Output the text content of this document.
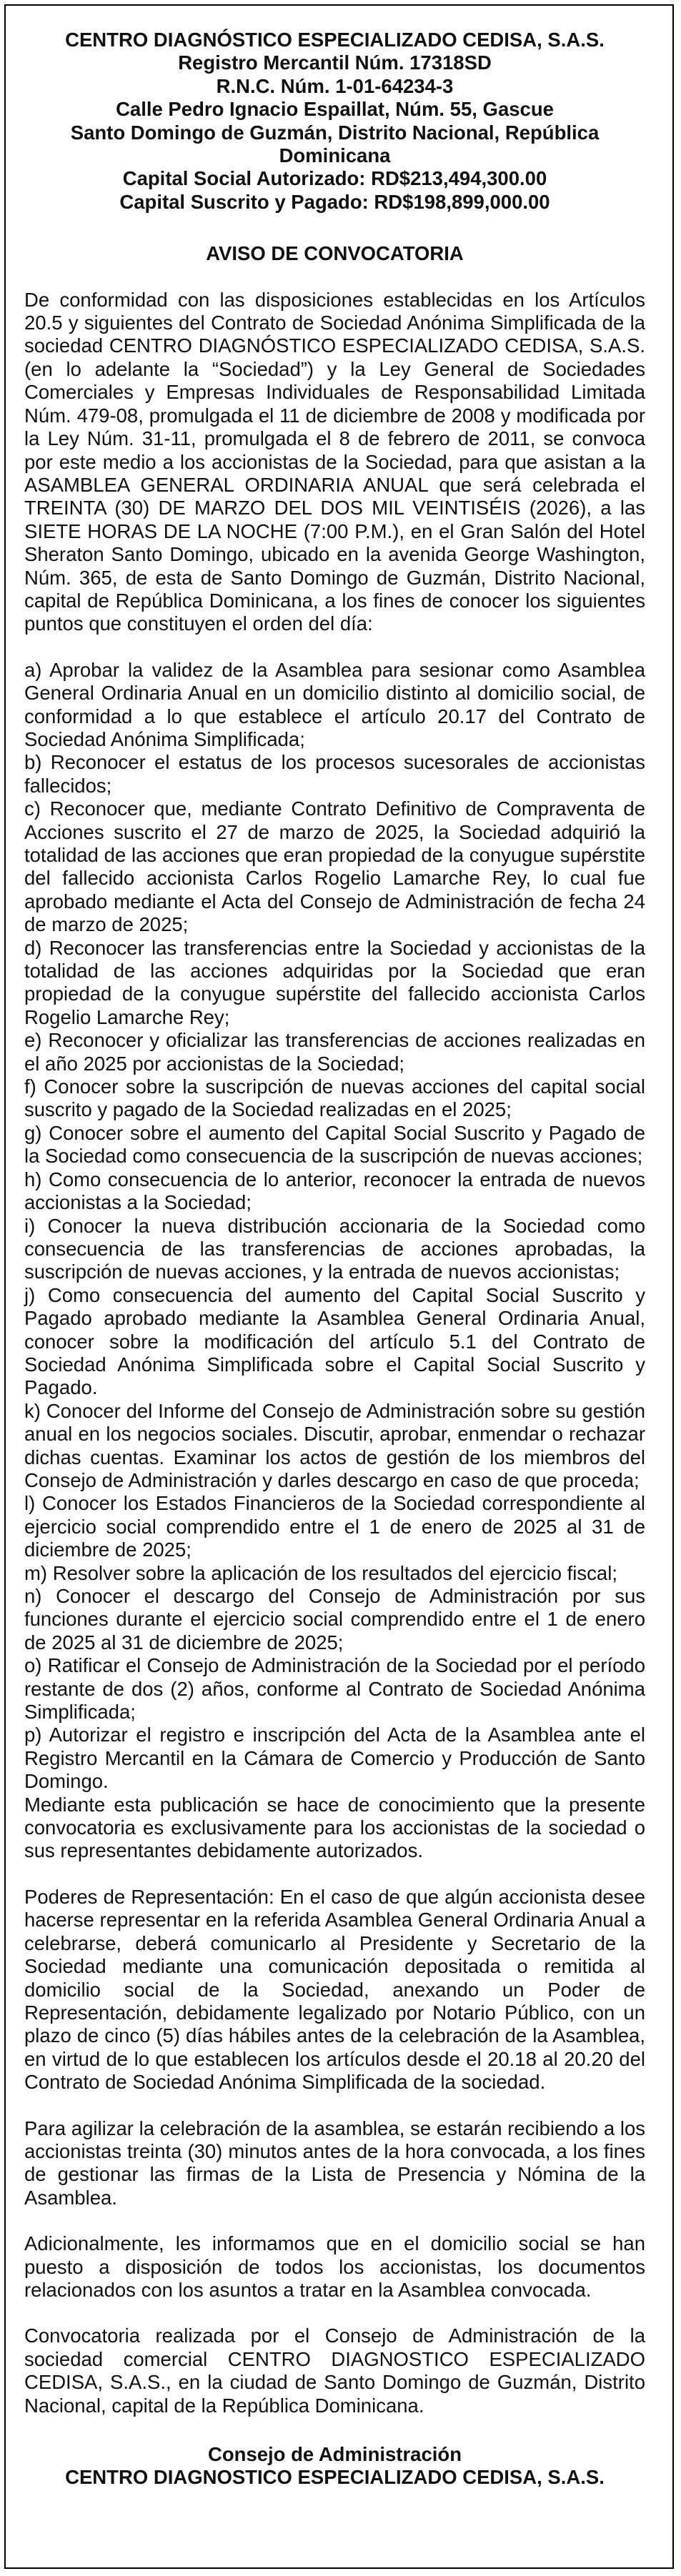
CENTRO DIAGNÓSTICO ESPECIALIZADO CEDISA, S.A.S.
Registro Mercantil Núm. 17318SD
R.N.C. Núm. 1-01-64234-3
Calle Pedro Ignacio Espaillat, Núm. 55, Gascue
Santo Domingo de Guzmán, Distrito Nacional, República
Dominicana
Capital Social Autorizado: RD$213,494,300.00
Capital Suscrito y Pagado: RD$198,899,000.00
AVISO DE CONVOCATORIA

De conformidad con las disposiciones establecidas en los Artículos 20.5 y siguientes del Contrato de Sociedad Anónima Simplificada de la sociedad CENTRO DIAGNÓSTICO ESPECIALIZADO CEDISA, S.A.S. (en lo adelante la “Sociedad”) y la Ley General de Sociedades Comerciales y Empresas Individuales de Responsabilidad Limitada Núm. 479-08, promulgada el 11 de diciembre de 2008 y modificada por la Ley Núm. 31-11, promulgada el 8 de febrero de 2011, se convoca por este medio a los accionistas de la Sociedad, para que asistan a la ASAMBLEA GENERAL ORDINARIA ANUAL que será celebrada el TREINTA (30) DE MARZO DEL DOS MIL VEINTISÉIS (2026), a las SIETE HORAS DE LA NOCHE (7:00 P.M.), en el Gran Salón del Hotel Sheraton Santo Domingo, ubicado en la avenida George Washington, Núm. 365, de esta de Santo Domingo de Guzmán, Distrito Nacional, capital de República Dominicana, a los fines de conocer los siguientes puntos que constituyen el orden del día:

a) Aprobar la validez de la Asamblea para sesionar como Asamblea General Ordinaria Anual en un domicilio distinto al domicilio social, de conformidad a lo que establece el artículo 20.17 del Contrato de Sociedad Anónima Simplificada;
b) Reconocer el estatus de los procesos sucesorales de accionistas fallecidos;
c) Reconocer que, mediante Contrato Definitivo de Compraventa de Acciones suscrito el 27 de marzo de 2025, la Sociedad adquirió la totalidad de las acciones que eran propiedad de la conyugue supérstite del fallecido accionista Carlos Rogelio Lamarche Rey, lo cual fue aprobado mediante el Acta del Consejo de Administración de fecha 24 de marzo de 2025;
d) Reconocer las transferencias entre la Sociedad y accionistas de la totalidad de las acciones adquiridas por la Sociedad que eran propiedad de la conyugue supérstite del fallecido accionista Carlos Rogelio Lamarche Rey;
e) Reconocer y oficializar las transferencias de acciones realizadas en el año 2025 por accionistas de la Sociedad;
f) Conocer sobre la suscripción de nuevas acciones del capital social suscrito y pagado de la Sociedad realizadas en el 2025;
g) Conocer sobre el aumento del Capital Social Suscrito y Pagado de la Sociedad como consecuencia de la suscripción de nuevas acciones;
h) Como consecuencia de lo anterior, reconocer la entrada de nuevos accionistas a la Sociedad;
i) Conocer la nueva distribución accionaria de la Sociedad como consecuencia de las transferencias de acciones aprobadas, la suscripción de nuevas acciones, y la entrada de nuevos accionistas;
j) Como consecuencia del aumento del Capital Social Suscrito y Pagado aprobado mediante la Asamblea General Ordinaria Anual, conocer sobre la modificación del artículo 5.1 del Contrato de Sociedad Anónima Simplificada sobre el Capital Social Suscrito y Pagado.
k) Conocer del Informe del Consejo de Administración sobre su gestión anual en los negocios sociales. Discutir, aprobar, enmendar o rechazar dichas cuentas. Examinar los actos de gestión de los miembros del Consejo de Administración y darles descargo en caso de que proceda;
l) Conocer los Estados Financieros de la Sociedad correspondiente al ejercicio social comprendido entre el 1 de enero de 2025 al 31 de diciembre de 2025;
m) Resolver sobre la aplicación de los resultados del ejercicio fiscal;
n) Conocer el descargo del Consejo de Administración por sus funciones durante el ejercicio social comprendido entre el 1 de enero de 2025 al 31 de diciembre de 2025;
o) Ratificar el Consejo de Administración de la Sociedad por el período restante de dos (2) años, conforme al Contrato de Sociedad Anónima Simplificada;
p) Autorizar el registro e inscripción del Acta de la Asamblea ante el Registro Mercantil en la Cámara de Comercio y Producción de Santo Domingo.
Mediante esta publicación se hace de conocimiento que la presente convocatoria es exclusivamente para los accionistas de la sociedad o sus representantes debidamente autorizados.

Poderes de Representación: En el caso de que algún accionista desee hacerse representar en la referida Asamblea General Ordinaria Anual a celebrarse, deberá comunicarlo al Presidente y Secretario de la Sociedad mediante una comunicación depositada o remitida al domicilio social de la Sociedad, anexando un Poder de Representación, debidamente legalizado por Notario Público, con un plazo de cinco (5) días hábiles antes de la celebración de la Asamblea, en virtud de lo que establecen los artículos desde el 20.18 al 20.20 del Contrato de Sociedad Anónima Simplificada de la sociedad.

Para agilizar la celebración de la asamblea, se estarán recibiendo a los accionistas treinta (30) minutos antes de la hora convocada, a los fines de gestionar las firmas de la Lista de Presencia y Nómina de la Asamblea.

Adicionalmente, les informamos que en el domicilio social se han puesto a disposición de todos los accionistas, los documentos relacionados con los asuntos a tratar en la Asamblea convocada.

Convocatoria realizada por el Consejo de Administración de la sociedad comercial CENTRO DIAGNOSTICO ESPECIALIZADO CEDISA, S.A.S., en la ciudad de Santo Domingo de Guzmán, Distrito Nacional, capital de la República Dominicana.

Consejo de Administración
CENTRO DIAGNOSTICO ESPECIALIZADO CEDISA, S.A.S.
